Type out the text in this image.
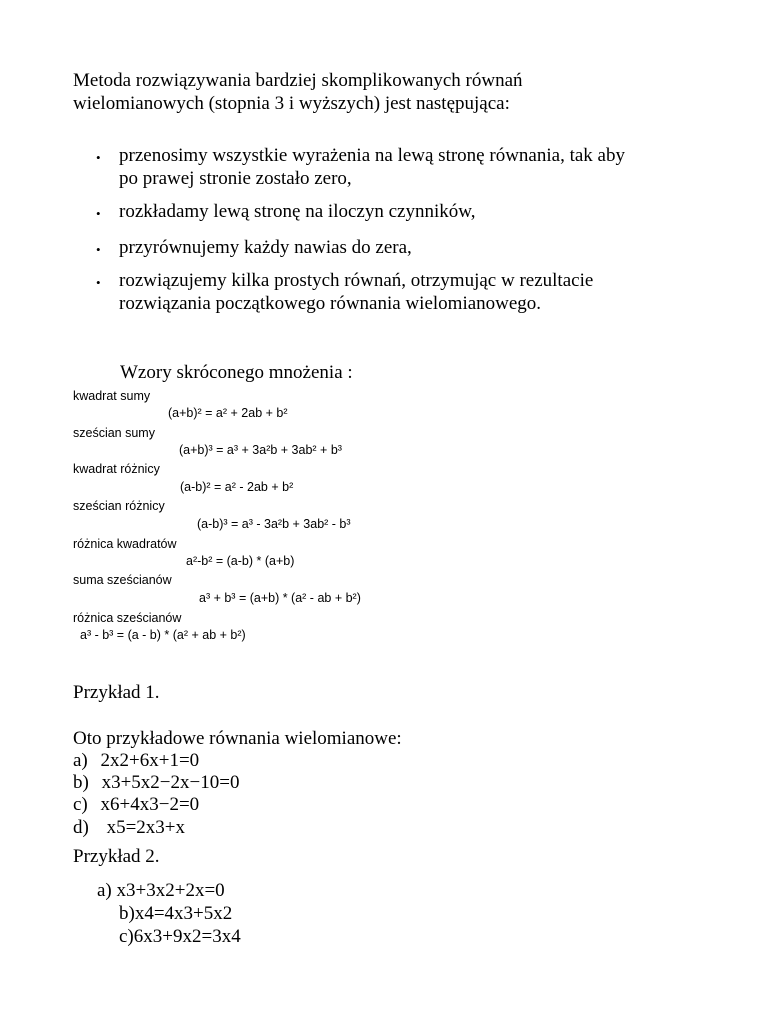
Metoda rozwiązywania bardziej skomplikowanych równań
wielomianowych (stopnia 3 i wyższych) jest następująca:
• przenosimy wszystkie wyrażenia na lewą stronę równania, tak aby
po prawej stronie zostało zero,
• rozkładamy lewą stronę na iloczyn czynników,
• przyrównujemy każdy nawias do zera,
• rozwiązujemy kilka prostych równań, otrzymując w rezultacie
rozwiązania początkowego równania wielomianowego.
Wzory skróconego mnożenia :
kwadrat sumy
(a+b)² = a² + 2ab + b²
sześcian sumy
(a+b)³ = a³ + 3a²b + 3ab² + b³
kwadrat różnicy
(a-b)² = a² - 2ab + b²
sześcian różnicy
(a-b)³ = a³ - 3a²b + 3ab² - b³
różnica kwadratów
a²-b² = (a-b) * (a+b)
suma sześcianów
a³ + b³ = (a+b) * (a² - ab + b²)
różnica sześcianów
a³ - b³ = (a - b) * (a² + ab + b²)
Przykład 1.
Oto przykładowe równania wielomianowe:
a) 2x2+6x+1=0
b) x3+5x2−2x−10=0
c) x6+4x3−2=0
d) x5=2x3+x
Przykład 2.
a) x3+3x2+2x=0
b)x4=4x3+5x2
c)6x3+9x2=3x4
